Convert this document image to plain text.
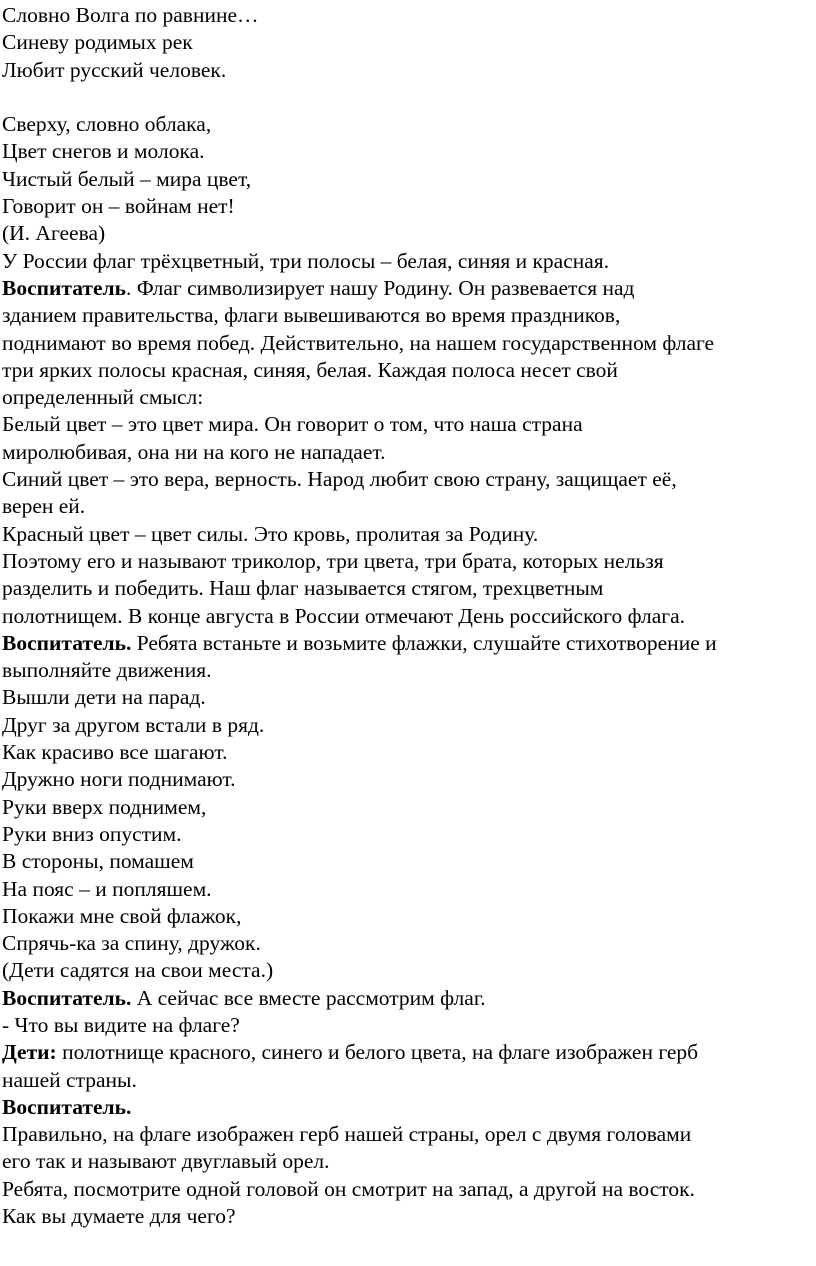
Словно Волга по равнине…
Синеву родимых рек
Любит русский человек.
Сверху, словно облака,
Цвет снегов и молока.
Чистый белый – мира цвет,
Говорит он – войнам нет!
(И. Агеева)
У России флаг трёхцветный, три полосы – белая, синяя и красная.
Воспитатель. Флаг символизирует нашу Родину. Он развевается над
зданием правительства, флаги вывешиваются во время праздников,
поднимают во время побед. Действительно, на нашем государственном флаге
три ярких полосы красная, синяя, белая. Каждая полоса несет свой
определенный смысл:
Белый цвет – это цвет мира. Он говорит о том, что наша страна
миролюбивая, она ни на кого не нападает.
Синий цвет – это вера, верность. Народ любит свою страну, защищает её,
верен ей.
Красный цвет – цвет силы. Это кровь, пролитая за Родину.
Поэтому его и называют триколор, три цвета, три брата, которых нельзя
разделить и победить. Наш флаг называется стягом, трехцветным
полотнищем. В конце августа в России отмечают День российского флага.
Воспитатель. Ребята встаньте и возьмите флажки, слушайте стихотворение и
выполняйте движения.
Вышли дети на парад.
Друг за другом встали в ряд.
Как красиво все шагают.
Дружно ноги поднимают.
Руки вверх поднимем,
Руки вниз опустим.
В стороны, помашем
На пояс – и попляшем.
Покажи мне свой флажок,
Спрячь-ка за спину, дружок.
(Дети садятся на свои места.)
Воспитатель. А сейчас все вместе рассмотрим флаг.
- Что вы видите на флаге?
Дети: полотнище красного, синего и белого цвета, на флаге изображен герб
нашей страны.
Воспитатель.
Правильно, на флаге изображен герб нашей страны, орел с двумя головами
его так и называют двуглавый орел.
Ребята, посмотрите одной головой он смотрит на запад, а другой на восток.
Как вы думаете для чего?
